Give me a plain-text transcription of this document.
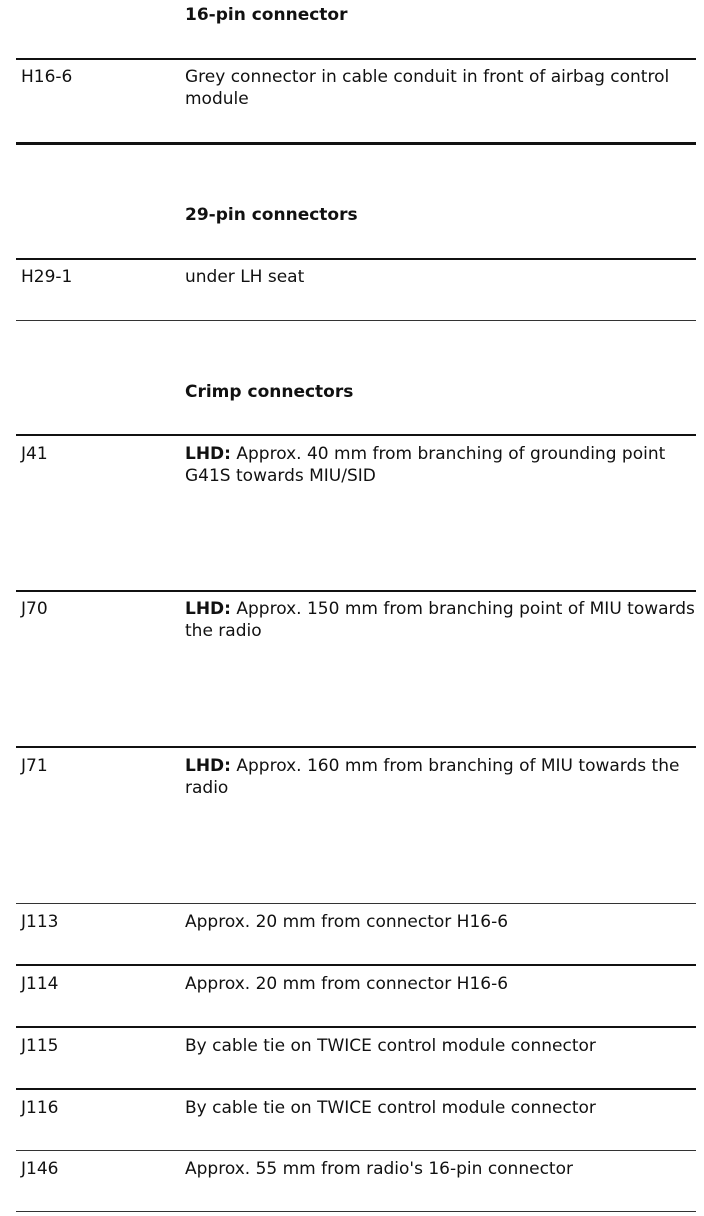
16-pin connector
H16-6	Grey connector in cable conduit in front of airbag control module
29-pin connectors
H29-1	under LH seat
Crimp connectors
J41	LHD: Approx. 40 mm from branching of grounding point G41S towards MIU/SID
J70	LHD: Approx. 150 mm from branching point of MIU towards the radio
J71	LHD: Approx. 160 mm from branching of MIU towards the radio
J113	Approx. 20 mm from connector H16-6
J114	Approx. 20 mm from connector H16-6
J115	By cable tie on TWICE control module connector
J116	By cable tie on TWICE control module connector
J146	Approx. 55 mm from radio's 16-pin connector
